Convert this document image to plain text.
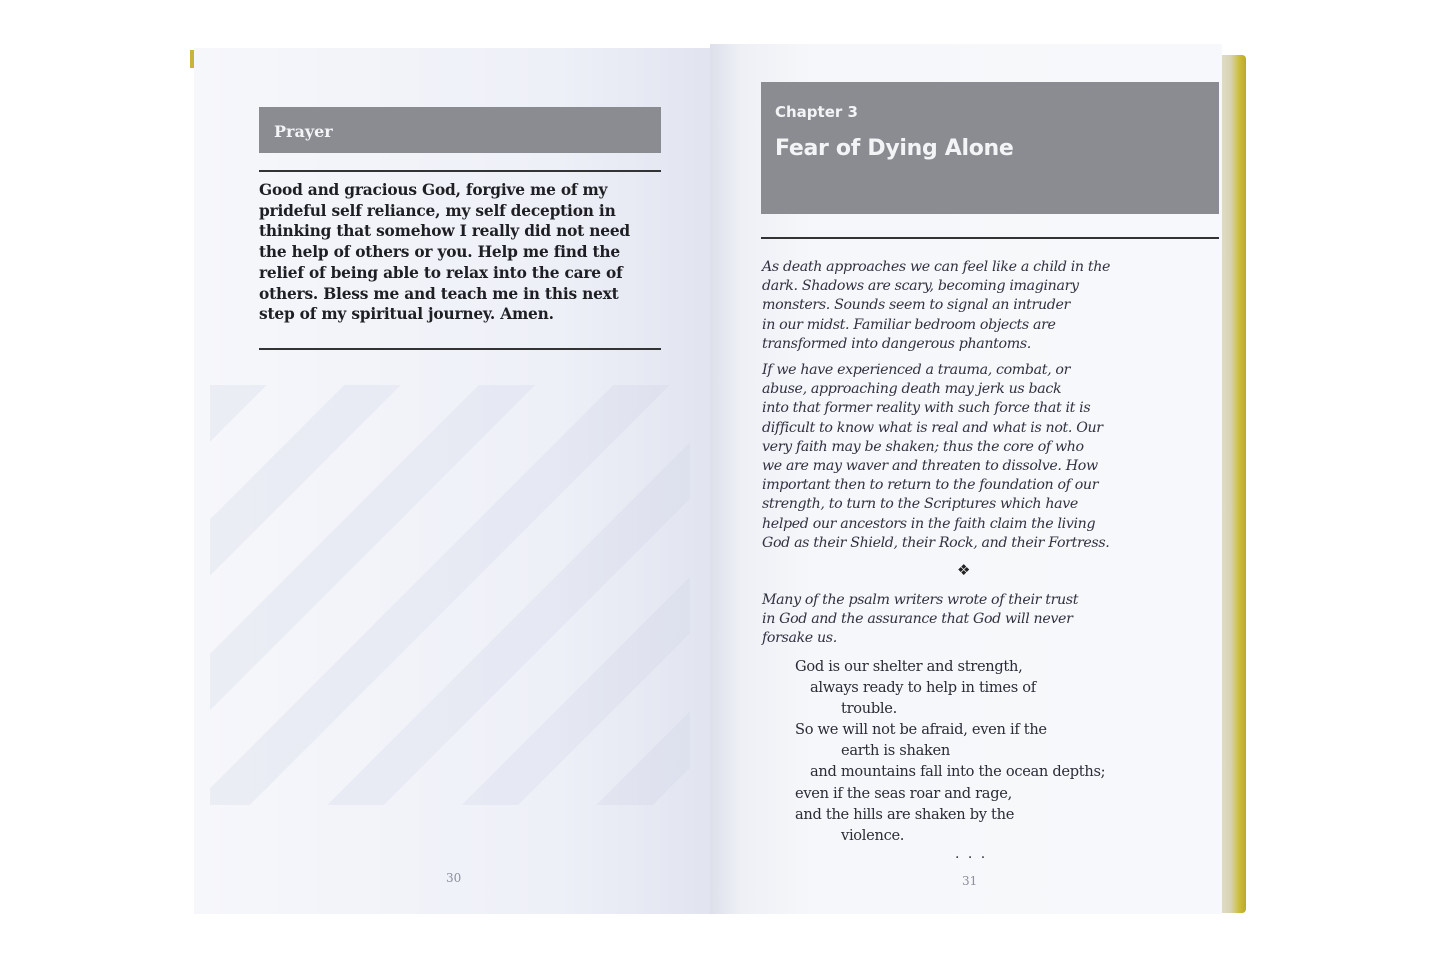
Prayer
Good and gracious God, forgive me of my
prideful self reliance, my self deception in
thinking that somehow I really did not need
the help of others or you. Help me find the
relief of being able to relax into the care of
others. Bless me and teach me in this next
step of my spiritual journey. Amen.
30
Chapter 3
Fear of Dying Alone

As death approaches we can feel like a child in the

dark. Shadows are scary, becoming imaginary

monsters. Sounds seem to signal an intruder

in our midst. Familiar bedroom objects are

transformed into dangerous phantoms.

If we have experienced a trauma, combat, or

abuse, approaching death may jerk us back

into that former reality with such force that it is

difficult to know what is real and what is not. Our

very faith may be shaken; thus the core of who

we are may waver and threaten to dissolve. How

important then to return to the foundation of our

strength, to turn to the Scriptures which have

helped our ancestors in the faith claim the living

God as their Shield, their Rock, and their Fortress.

❖

Many of the psalm writers wrote of their trust

in God and the assurance that God will never

forsake us.

God is our shelter and strength,
always ready to help in times of
trouble.
So we will not be afraid, even if the
earth is shaken
and mountains fall into the ocean depths;
even if the seas roar and rage,
and the hills are shaken by the
violence.
. . .
31
